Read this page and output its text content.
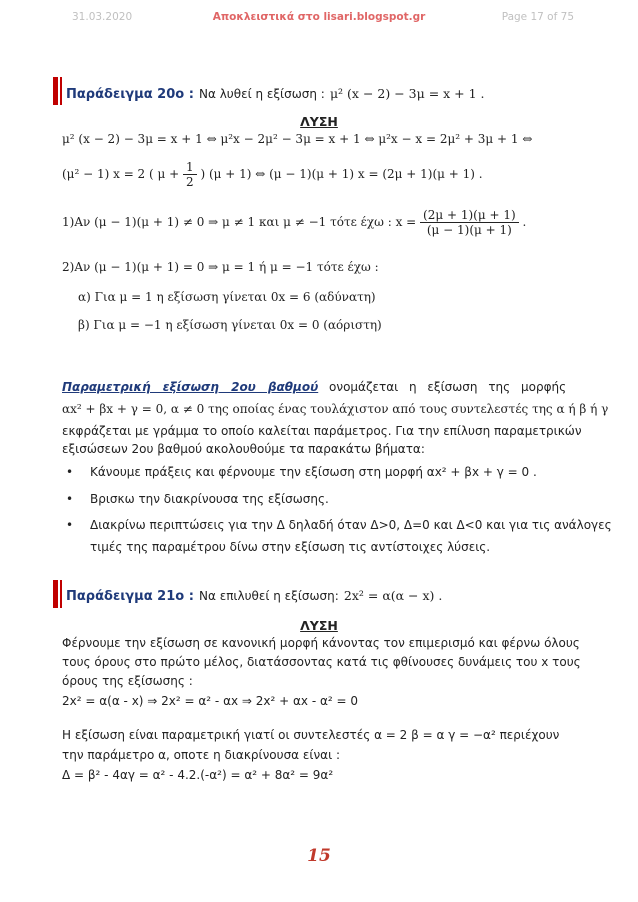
31.03.2020	Αποκλειστικά στο lisari.blogspot.gr	Page 17 of 75
Παράδειγμα 20ο : Να λυθεί η εξίσωση : μ² (x − 2) − 3μ = x + 1 .
ΛΥΣΗ
μ² (x − 2) − 3μ = x + 1 ⇔ μ²x − 2μ² − 3μ = x + 1 ⇔ μ²x − x = 2μ² + 3μ + 1 ⇔
(μ² − 1) x = 2 ( $\mu + \frac{1}{2}$ ) (μ + 1) ⇔ (μ − 1)(μ + 1) x = (2μ + 1)(μ + 1) .
1)Αν (μ − 1)(μ + 1) ≠ 0 ⇒ μ ≠ 1 και μ ≠ −1 τότε έχω : $x = \frac{(2\mu + 1)(\mu + 1)}{(\mu - 1)(\mu + 1)}$ .
2)Αν (μ − 1)(μ + 1) = 0 ⇒ μ = 1 ή μ = −1 τότε έχω :
α) Για μ = 1 η εξίσωση γίνεται 0x = 6 (αδύνατη)
β) Για μ = −1 η εξίσωση γίνεται 0x = 0 (αόριστη)
Παραμετρική εξίσωση 2ου βαθμού ονομάζεται η εξίσωση της μορφής
αx² + βx + γ = 0, α ≠ 0 της οποίας ένας τουλάχιστον από τους συντελεστές της α ή β ή γ
εκφράζεται με γράμμα το οποίο καλείται παράμετρος. Για την επίλυση παραμετρικών
εξισώσεων 2ου βαθμού ακολουθούμε τα παρακάτω βήματα:
• Κάνουμε πράξεις και φέρνουμε την εξίσωση στη μορφή αx² + βx + γ = 0 .
• Βρισκω την διακρίνουσα της εξίσωσης.
• Διακρίνω περιπτώσεις για την Δ δηλαδή όταν Δ>0, Δ=0 και Δ<0 και για τις ανάλογες
τιμές της παραμέτρου δίνω στην εξίσωση τις αντίστοιχες λύσεις.
Παράδειγμα 21ο : Να επιλυθεί η εξίσωση: 2x² = α(α − x) .
ΛΥΣΗ
Φέρνουμε την εξίσωση σε κανονική μορφή κάνοντας τον επιμερισμό και φέρνω όλους
τους όρους στο πρώτο μέλος, διατάσσοντας κατά τις φθίνουσες δυνάμεις του x τους
όρους της εξίσωσης :
2x² = α(α - x) ⇒ 2x² = α² - αx ⇒ 2x² + αx - α² = 0
Η εξίσωση είναι παραμετρική γιατί οι συντελεστές α = 2 β = α γ = −α² περιέχουν
την παράμετρο α, οποτε η διακρίνουσα είναι :
Δ = β² - 4αγ = α² - 4.2.(-α²) = α² + 8α² = 9α²
15
